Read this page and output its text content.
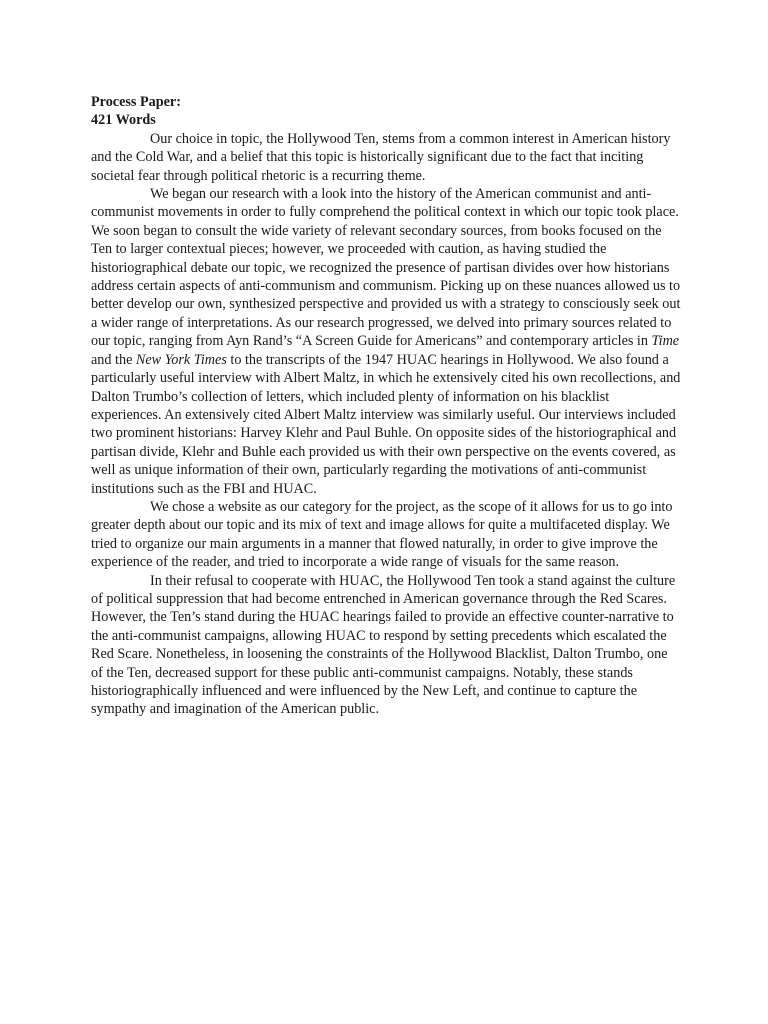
Process Paper:

421 Words

Our choice in topic, the Hollywood Ten, stems from a common interest in American history and the Cold War, and a belief that this topic is historically significant due to the fact that inciting societal fear through political rhetoric is a recurring theme.

We began our research with a look into the history of the American communist and anti-communist movements in order to fully comprehend the political context in which our topic took place. We soon began to consult the wide variety of relevant secondary sources, from books focused on the Ten to larger contextual pieces; however, we proceeded with caution, as having studied the historiographical debate our topic, we recognized the presence of partisan divides over how historians address certain aspects of anti-communism and communism. Picking up on these nuances allowed us to better develop our own, synthesized perspective and provided us with a strategy to consciously seek out a wider range of interpretations. As our research progressed, we delved into primary sources related to our topic, ranging from Ayn Rand’s “A Screen Guide for Americans” and contemporary articles in Time and the New York Times to the transcripts of the 1947 HUAC hearings in Hollywood. We also found a particularly useful interview with Albert Maltz, in which he extensively cited his own recollections, and Dalton Trumbo’s collection of letters, which included plenty of information on his blacklist experiences. An extensively cited Albert Maltz interview was similarly useful. Our interviews included two prominent historians: Harvey Klehr and Paul Buhle. On opposite sides of the historiographical and partisan divide, Klehr and Buhle each provided us with their own perspective on the events covered, as well as unique information of their own, particularly regarding the motivations of anti-communist institutions such as the FBI and HUAC.

We chose a website as our category for the project, as the scope of it allows for us to go into greater depth about our topic and its mix of text and image allows for quite a multifaceted display. We tried to organize our main arguments in a manner that flowed naturally, in order to give improve the experience of the reader, and tried to incorporate a wide range of visuals for the same reason.

In their refusal to cooperate with HUAC, the Hollywood Ten took a stand against the culture of political suppression that had become entrenched in American governance through the Red Scares. However, the Ten’s stand during the HUAC hearings failed to provide an effective counter-narrative to the anti-communist campaigns, allowing HUAC to respond by setting precedents which escalated the Red Scare. Nonetheless, in loosening the constraints of the Hollywood Blacklist, Dalton Trumbo, one of the Ten, decreased support for these public anti-communist campaigns. Notably, these stands historiographically influenced and were influenced by the New Left, and continue to capture the sympathy and imagination of the American public.
